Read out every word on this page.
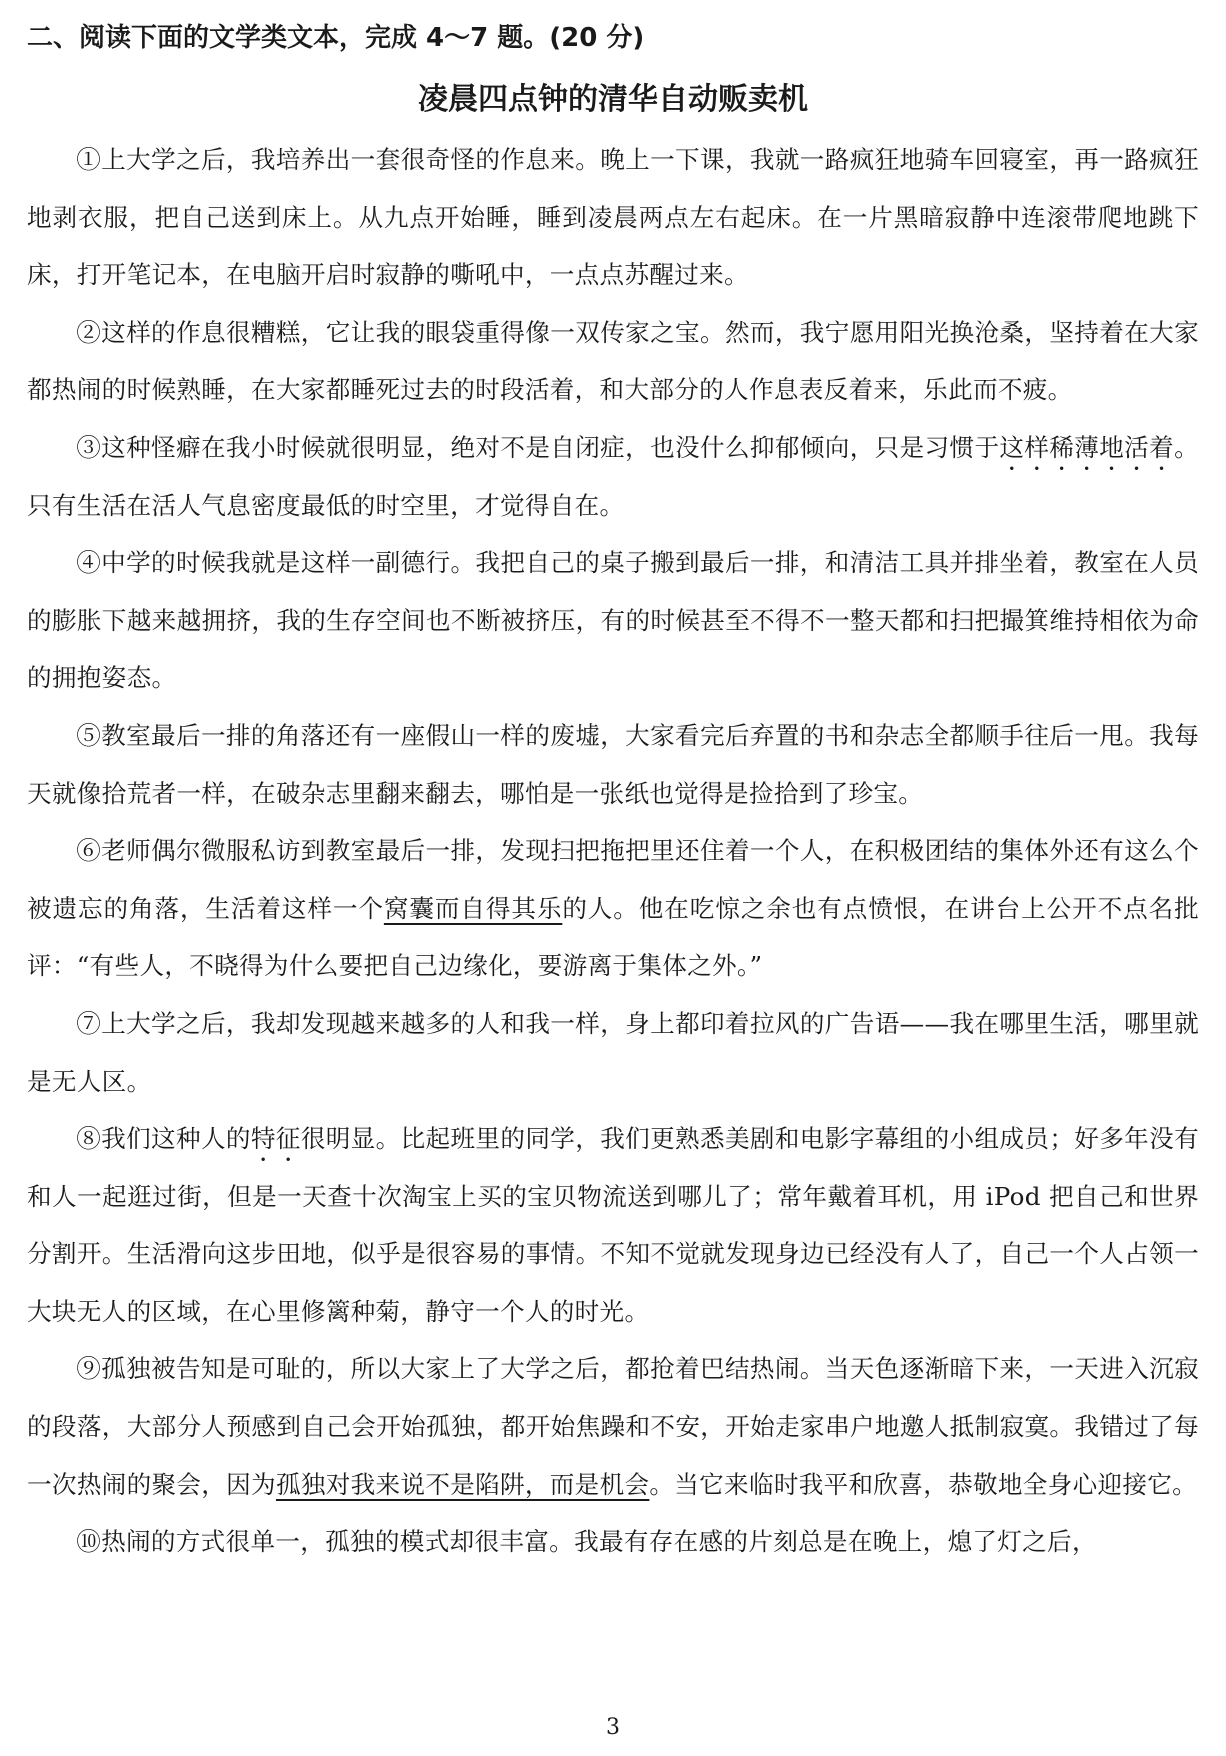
二、阅读下面的文学类文本，完成 4～7 题。(20 分)
凌晨四点钟的清华自动贩卖机

①上大学之后，我培养出一套很奇怪的作息来。晚上一下课，我就一路疯狂地骑车回寝室，再一路疯狂地剥衣服，把自己送到床上。从九点开始睡，睡到凌晨两点左右起床。在一片黑暗寂静中连滚带爬地跳下床，打开笔记本，在电脑开启时寂静的嘶吼中，一点点苏醒过来。

②这样的作息很糟糕，它让我的眼袋重得像一双传家之宝。然而，我宁愿用阳光换沧桑，坚持着在大家都热闹的时候熟睡，在大家都睡死过去的时段活着，和大部分的人作息表反着来，乐此而不疲。

③这种怪癖在我小时候就很明显，绝对不是自闭症，也没什么抑郁倾向，只是习惯于这样稀薄地活着。只有生活在活人气息密度最低的时空里，才觉得自在。

④中学的时候我就是这样一副德行。我把自己的桌子搬到最后一排，和清洁工具并排坐着，教室在人员的膨胀下越来越拥挤，我的生存空间也不断被挤压，有的时候甚至不得不一整天都和扫把撮箕维持相依为命的拥抱姿态。

⑤教室最后一排的角落还有一座假山一样的废墟，大家看完后弃置的书和杂志全都顺手往后一甩。我每天就像拾荒者一样，在破杂志里翻来翻去，哪怕是一张纸也觉得是捡拾到了珍宝。

⑥老师偶尔微服私访到教室最后一排，发现扫把拖把里还住着一个人，在积极团结的集体外还有这么个被遗忘的角落，生活着这样一个窝囊而自得其乐的人。他在吃惊之余也有点愤恨，在讲台上公开不点名批评：“有些人，不晓得为什么要把自己边缘化，要游离于集体之外。”

⑦上大学之后，我却发现越来越多的人和我一样，身上都印着拉风的广告语——我在哪里生活，哪里就是无人区。

⑧我们这种人的特征很明显。比起班里的同学，我们更熟悉美剧和电影字幕组的小组成员；好多年没有和人一起逛过街，但是一天查十次淘宝上买的宝贝物流送到哪儿了；常年戴着耳机，用 iPod 把自己和世界分割开。生活滑向这步田地，似乎是很容易的事情。不知不觉就发现身边已经没有人了，自己一个人占领一大块无人的区域，在心里修篱种菊，静守一个人的时光。

⑨孤独被告知是可耻的，所以大家上了大学之后，都抢着巴结热闹。当天色逐渐暗下来，一天进入沉寂的段落，大部分人预感到自己会开始孤独，都开始焦躁和不安，开始走家串户地邀人抵制寂寞。我错过了每一次热闹的聚会，因为孤独对我来说不是陷阱，而是机会。当它来临时我平和欣喜，恭敬地全身心迎接它。

⑩热闹的方式很单一，孤独的模式却很丰富。我最有存在感的片刻总是在晚上，熄了灯之后，

3
